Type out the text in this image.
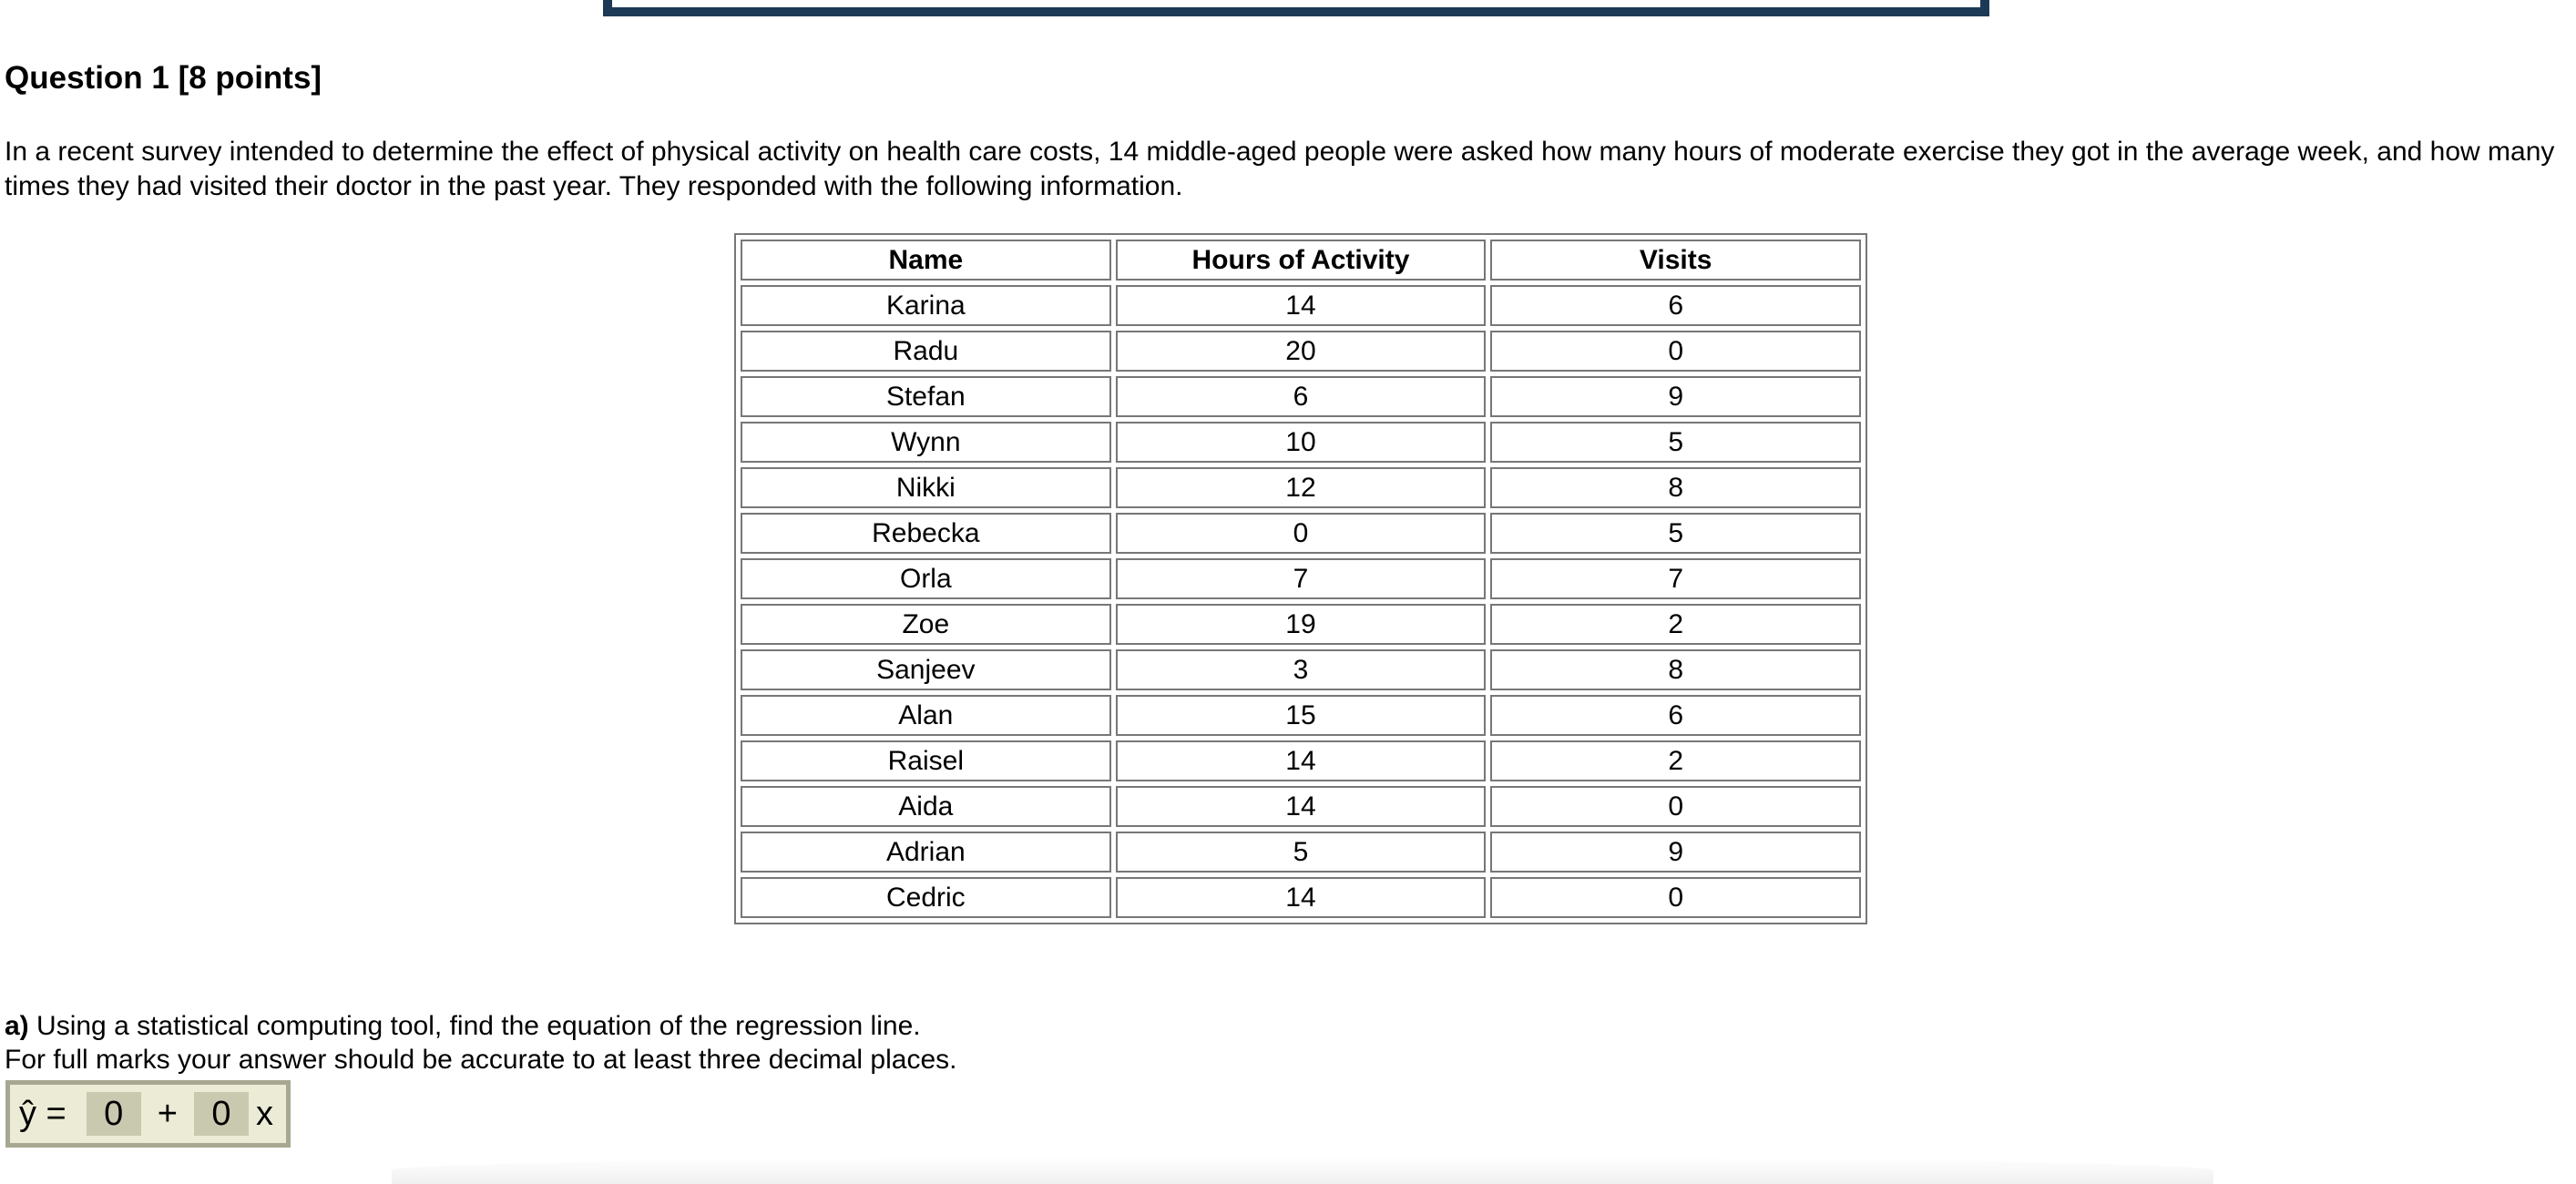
Question 1 [8 points]

In a recent survey intended to determine the effect of physical activity on health care costs, 14 middle-aged people were asked how many hours of moderate exercise they got in the average week, and how many times they had visited their doctor in the past year. They responded with the following information.

Name	Hours of Activity	Visits
Karina	14	6
Radu	20	0
Stefan	6	9
Wynn	10	5
Nikki	12	8
Rebecka	0	5
Orla	7	7
Zoe	19	2
Sanjeev	3	8
Alan	15	6
Raisel	14	2
Aida	14	0
Adrian	5	9
Cedric	14	0
a) Using a statistical computing tool, find the equation of the regression line.
For full marks your answer should be accurate to at least three decimal places.
ŷ =	0 + 0 x
